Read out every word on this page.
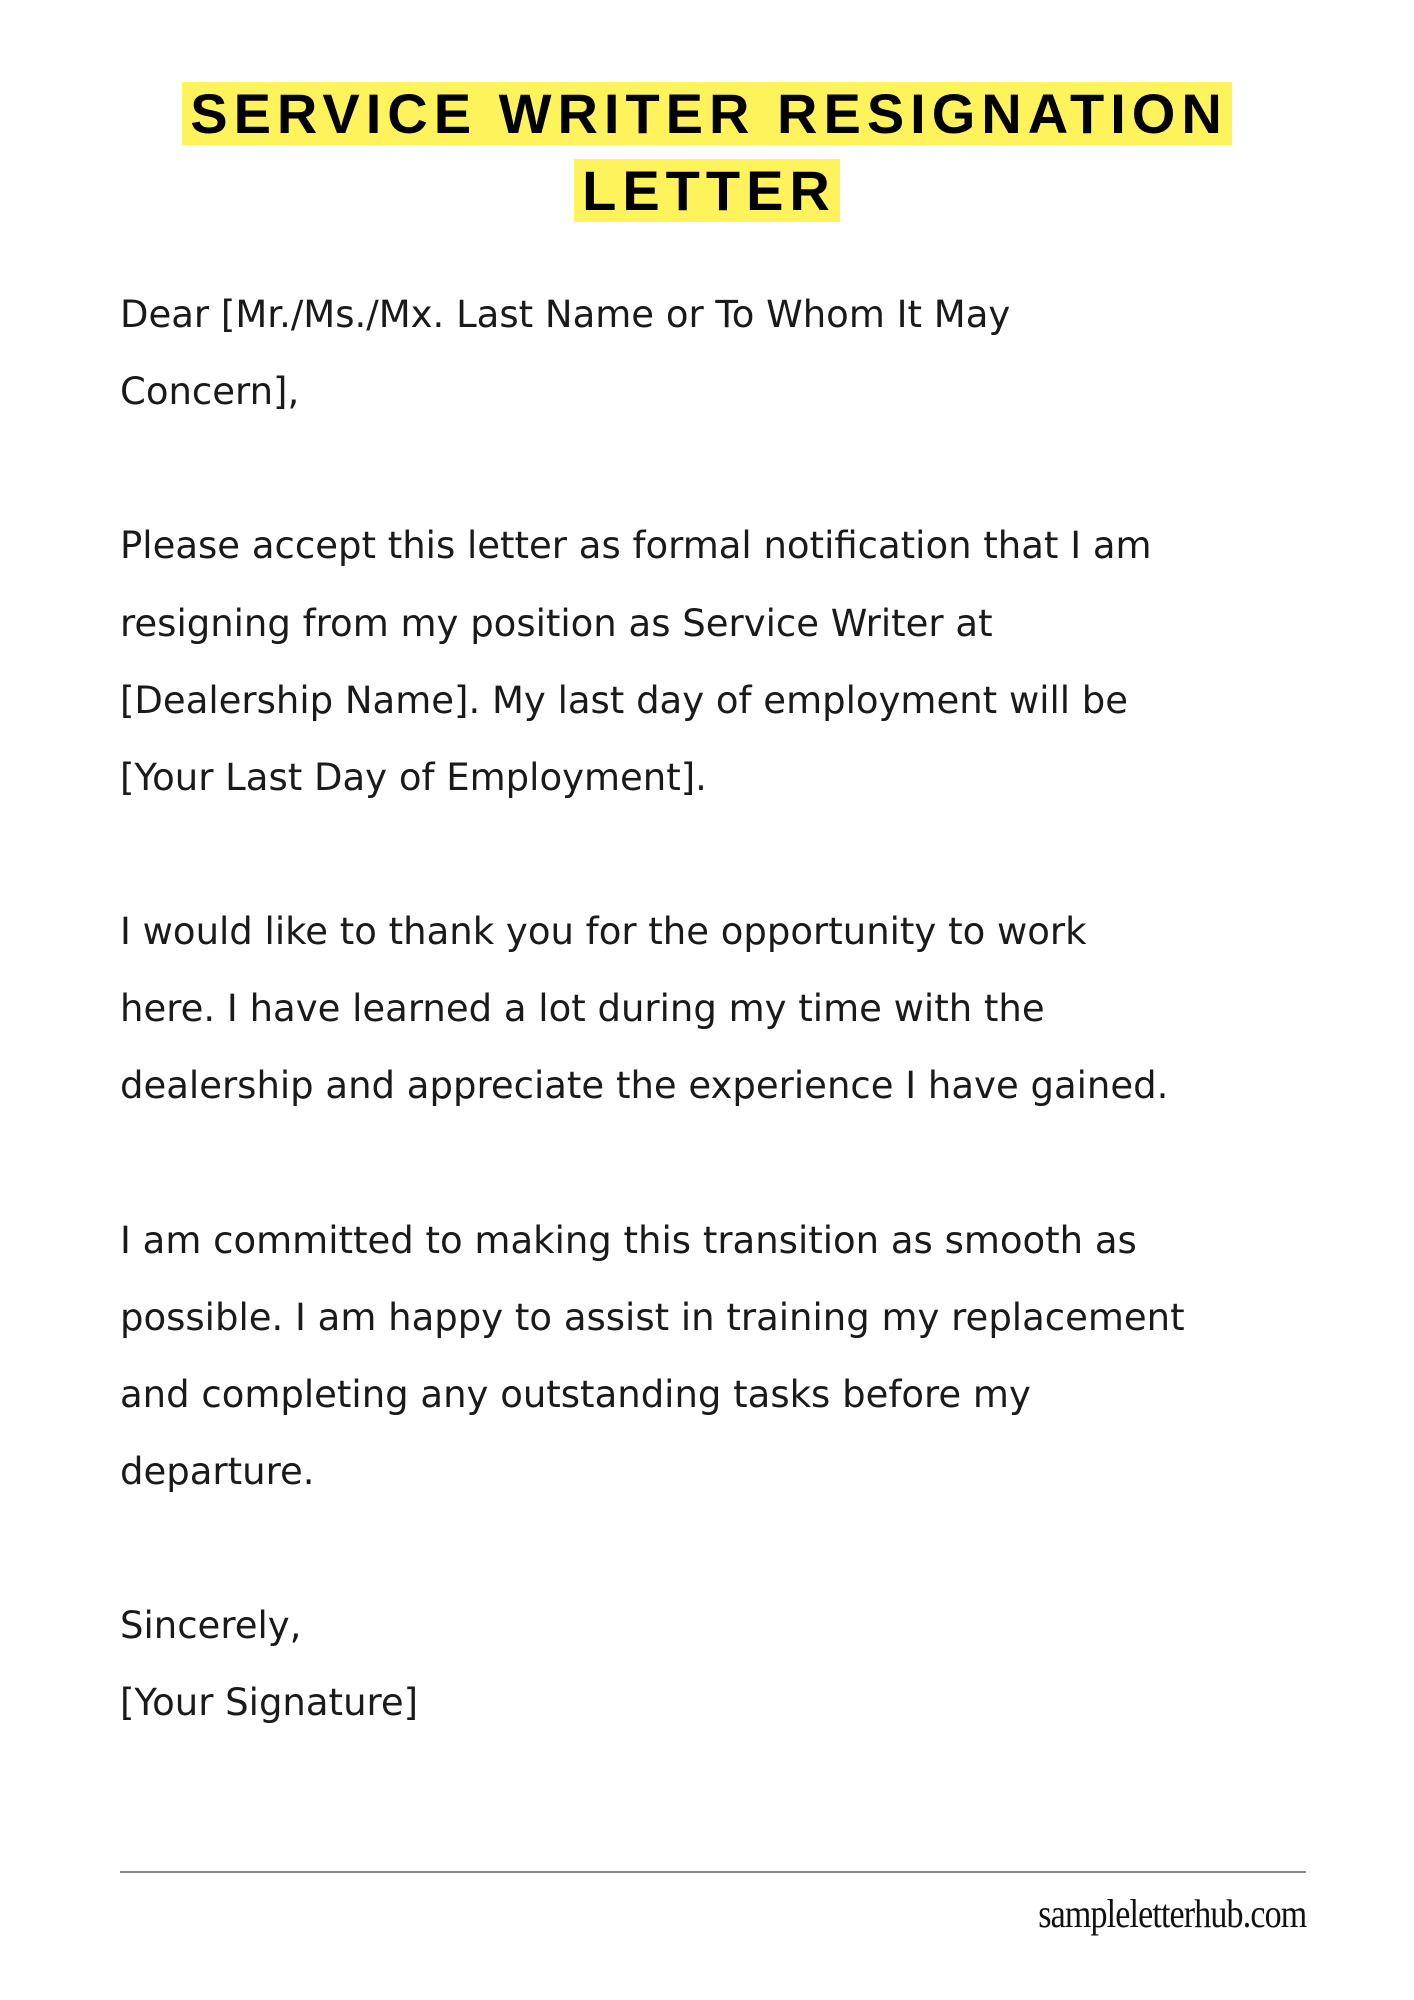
SERVICE WRITER RESIGNATION
LETTER
Dear [Mr./Ms./Mx. Last Name or To Whom It May
Concern],
Please accept this letter as formal notification that I am
resigning from my position as Service Writer at
[Dealership Name]. My last day of employment will be
[Your Last Day of Employment].
I would like to thank you for the opportunity to work
here. I have learned a lot during my time with the
dealership and appreciate the experience I have gained.
I am committed to making this transition as smooth as
possible. I am happy to assist in training my replacement
and completing any outstanding tasks before my
departure.
Sincerely,
[Your Signature]
sampleletterhub.com
